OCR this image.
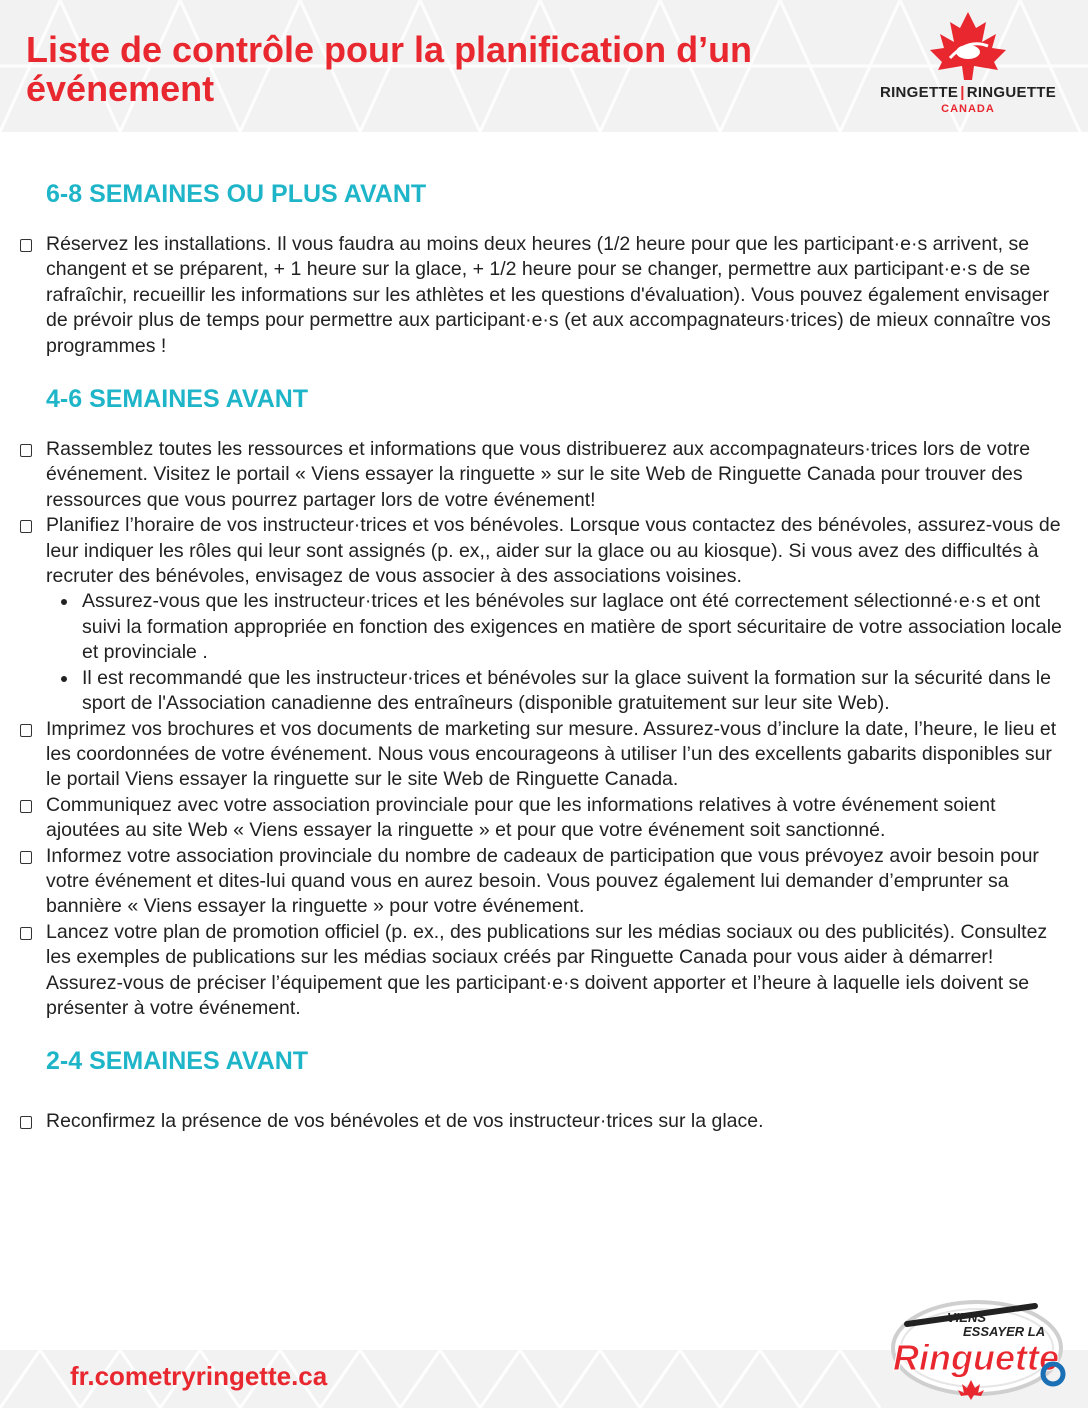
Liste de contrôle pour la planification d’un événement	RINGETTE | RINGUETTE
CANADA
6-8 SEMAINES OU PLUS AVANT
Réservez les installations. Il vous faudra au moins deux heures (1/2 heure pour que les participant·e·s arrivent, se changent et se préparent, + 1 heure sur la glace, + 1/2 heure pour se changer, permettre aux participant·e·s de se rafraîchir, recueillir les informations sur les athlètes et les questions d'évaluation). Vous pouvez également envisager de prévoir plus de temps pour permettre aux participant·e·s (et aux accompagnateurs·trices) de mieux connaître vos programmes !
4-6 SEMAINES AVANT
Rassemblez toutes les ressources et informations que vous distribuerez aux accompagnateurs·trices lors de votre événement. Visitez le portail « Viens essayer la ringuette » sur le site Web de Ringuette Canada pour trouver des ressources que vous pourrez partager lors de votre événement!
Planifiez l’horaire de vos instructeur·trices et vos bénévoles. Lorsque vous contactez des bénévoles, assurez-vous de leur indiquer les rôles qui leur sont assignés (p. ex,, aider sur la glace ou au kiosque). Si vous avez des difficultés à recruter des bénévoles, envisagez de vous associer à des associations voisines.
Assurez-vous que les instructeur·trices et les bénévoles sur laglace ont été correctement sélectionné·e·s et ont suivi la formation appropriée en fonction des exigences en matière de sport sécuritaire de votre association locale et provinciale .
Il est recommandé que les instructeur·trices et bénévoles sur la glace suivent la formation sur la sécurité dans le sport de l'Association canadienne des entraîneurs (disponible gratuitement sur leur site Web).
Imprimez vos brochures et vos documents de marketing sur mesure. Assurez-vous d’inclure la date, l’heure, le lieu et les coordonnées de votre événement. Nous vous encourageons à utiliser l’un des excellents gabarits disponibles sur le portail Viens essayer la ringuette sur le site Web de Ringuette Canada.
Communiquez avec votre association provinciale pour que les informations relatives à votre événement soient ajoutées au site Web « Viens essayer la ringuette » et pour que votre événement soit sanctionné.
Informez votre association provinciale du nombre de cadeaux de participation que vous prévoyez avoir besoin pour votre événement et dites-lui quand vous en aurez besoin. Vous pouvez également lui demander d’emprunter sa bannière « Viens essayer la ringuette » pour votre événement.
Lancez votre plan de promotion officiel (p. ex., des publications sur les médias sociaux ou des publicités). Consultez les exemples de publications sur les médias sociaux créés par Ringuette Canada pour vous aider à démarrer! Assurez-vous de préciser l’équipement que les participant·e·s doivent apporter et l’heure à laquelle iels doivent se présenter à votre événement.
2-4 SEMAINES AVANT
Reconfirmez la présence de vos bénévoles et de vos instructeur·trices sur la glace.
fr.cometryringette.ca
VIENS
ESSAYER LA
Ringuette
